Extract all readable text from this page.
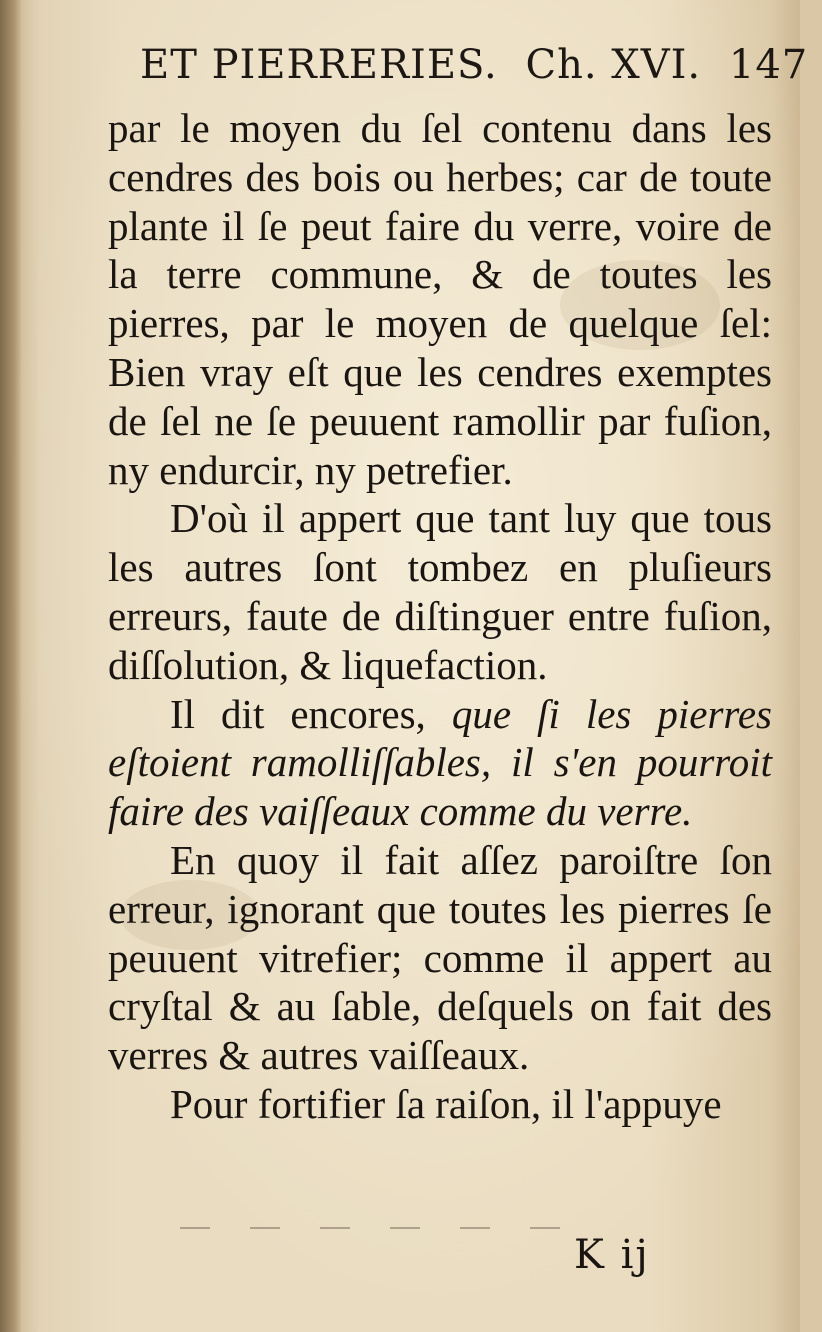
ET PIERRERIES. Ch. XVI. 147

par le moyen du ſel contenu dans les cendres des bois ou herbes; car de toute plante il ſe peut faire du verre, voire de la terre commune, & de toutes les pierres, par le moyen de quelque ſel: Bien vray eſt que les cendres exemptes de ſel ne ſe peuuent ramollir par fuſion, ny endurcir, ny petrefier.

D'où il appert que tant luy que tous les autres ſont tombez en pluſieurs erreurs, faute de diſtinguer entre fuſion, diſſolution, & liquefaction.

Il dit encores, que ſi les pierres eſtoient ramolliſſables, il s'en pourroit faire des vaiſſeaux comme du verre.

En quoy il fait aſſez paroiſtre ſon erreur, ignorant que toutes les pierres ſe peuuent vitrefier; comme il appert au cryſtal & au ſable, deſquels on fait des verres & autres vaiſſeaux.

Pour fortifier ſa raiſon, il l'appuye

K ij
